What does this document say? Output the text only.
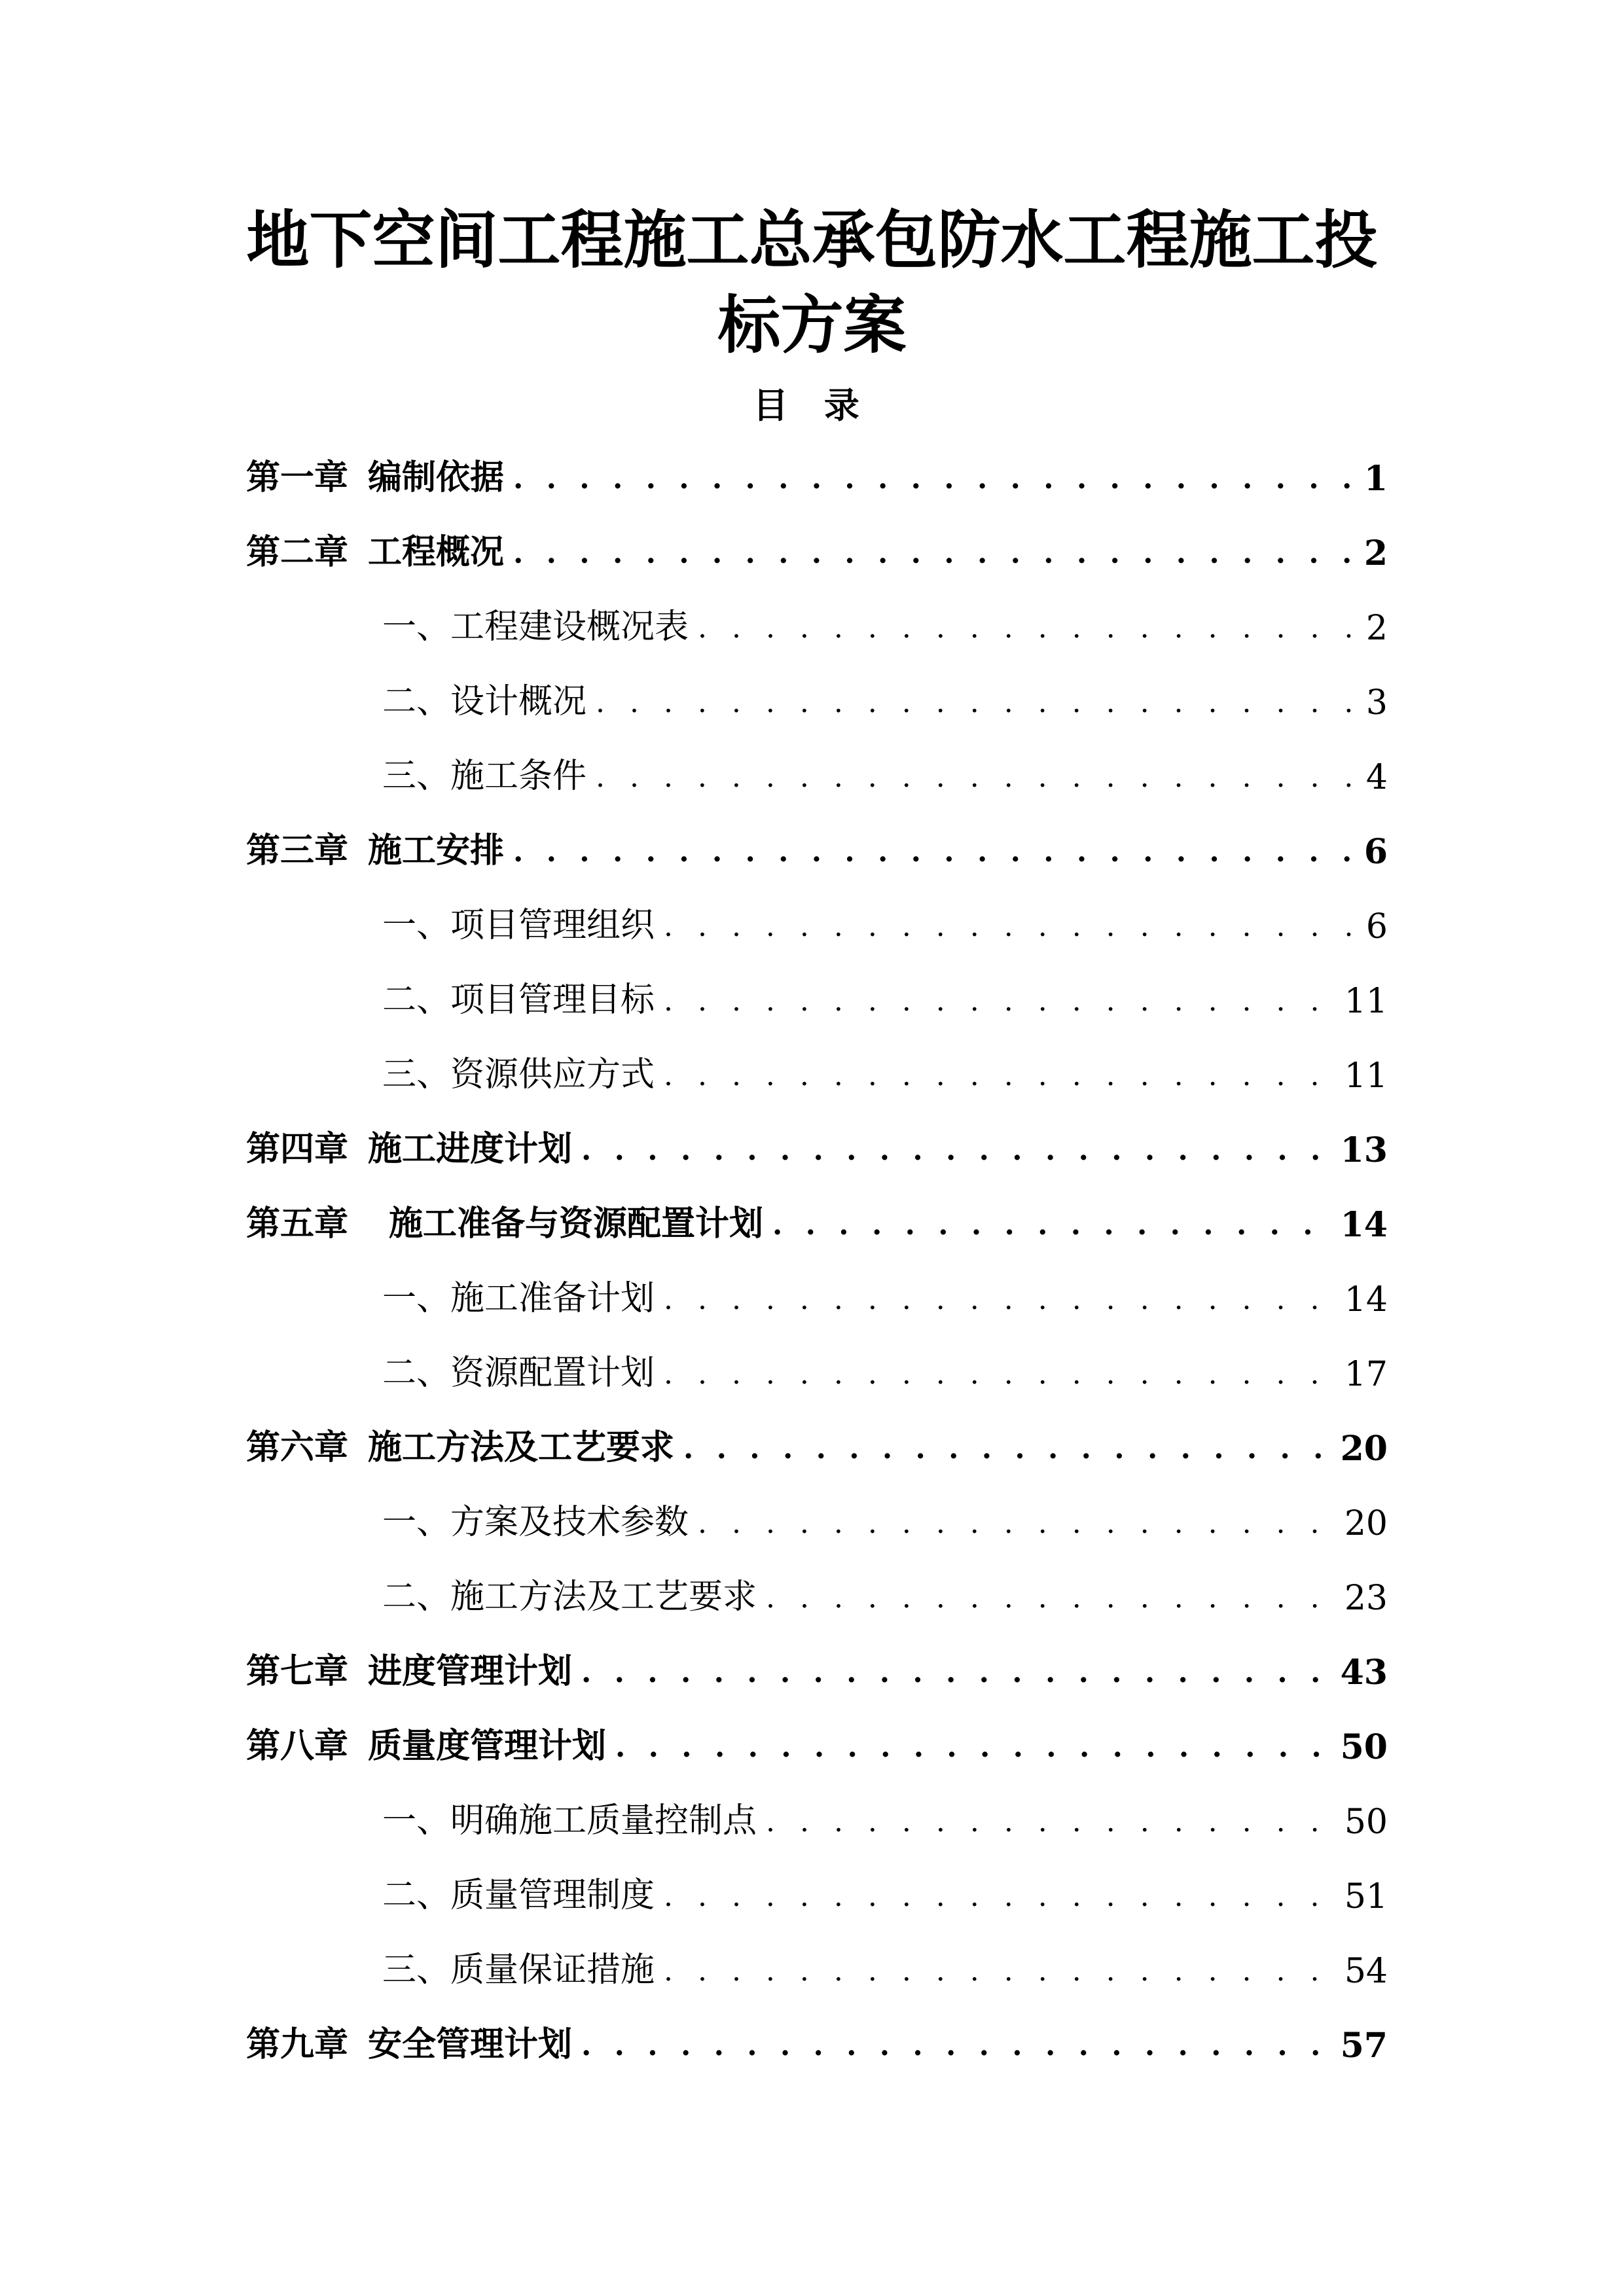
地下空间工程施工总承包防水工程施工投
标方案
目 录
第一章 编制依据 . . .	1
第二章 工程概况 . . .	2
一、工程建设概况表 . . .	2
二、设计概况 . . .	3
三、施工条件 . . .	4
第三章 施工安排 . . .	6
一、项目管理组织 . . .	6
二、项目管理目标 . . .	11
三、资源供应方式 . . .	11
第四章 施工进度计划 . . .	13
第五章 施工准备与资源配置计划 . . .	14
一、施工准备计划 . . .	14
二、资源配置计划 . . .	17
第六章 施工方法及工艺要求 . . .	20
一、方案及技术参数 . . .	20
二、施工方法及工艺要求 . . .	23
第七章 进度管理计划 . . .	43
第八章 质量度管理计划 . . .	50
一、明确施工质量控制点 . . .	50
二、质量管理制度 . . .	51
三、质量保证措施 . . .	54
第九章 安全管理计划 . . .	57
